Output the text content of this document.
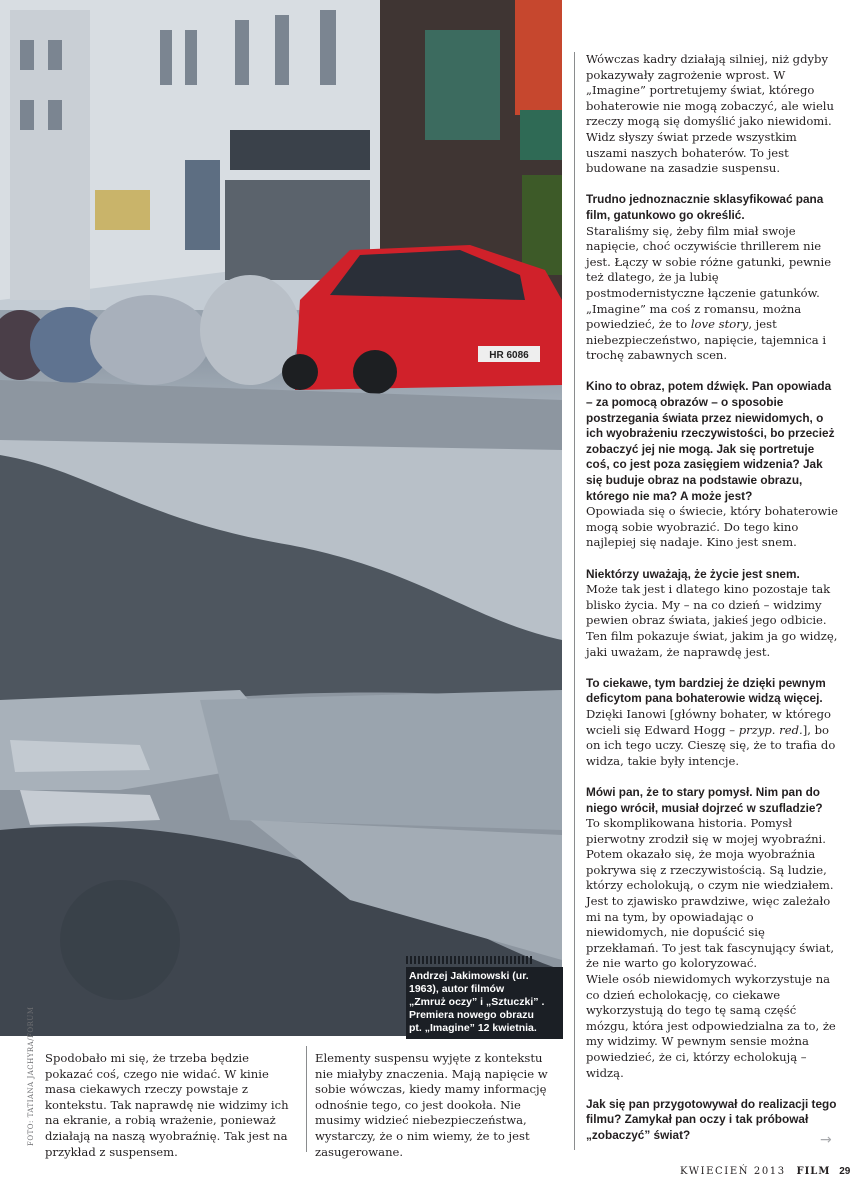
HR 6086
Andrzej Jakimowski (ur.
1963), autor filmów
„Zmruż oczy” i „Sztuczki” .
Premiera nowego obrazu
pt. „Imagine” 12 kwietnia.
FOTO: TATIANA JACHYRA/FORUM Spodobało mi się, że trzeba będzie pokazać coś, czego nie widać. W kinie masa ciekawych rzeczy powstaje z kontekstu. Tak naprawdę nie widzimy ich na ekranie, a robią wrażenie, ponieważ działają na naszą wyobraźnię. Tak jest na przykład z suspensem.

Elementy suspensu wyjęte z kontekstu nie miałyby znaczenia. Mają napięcie w sobie wówczas, kiedy mamy informację odnośnie tego, co jest dookoła. Nie musimy widzieć niebezpieczeństwa, wystarczy, że o nim wiemy, że to jest zasugerowane.

Wówczas kadry działają silniej, niż gdyby pokazywały zagrożenie wprost. W „Imagine” portretujemy świat, którego bohaterowie nie mogą zobaczyć, ale wielu rzeczy mogą się domyślić jako niewidomi. Widz słyszy świat przede wszystkim uszami naszych bohaterów. To jest budowane na zasadzie suspensu.

Trudno jednoznacznie sklasyfikować pana film, gatunkowo go określić.

Staraliśmy się, żeby film miał swoje napięcie, choć oczywiście thrillerem nie jest. Łączy w sobie różne gatunki, pewnie też dlatego, że ja lubię postmodernistyczne łączenie gatunków. „Imagine” ma coś z romansu, można powiedzieć, że to love story, jest niebezpieczeństwo, napięcie, tajemnica i trochę zabawnych scen.

Kino to obraz, potem dźwięk. Pan opowiada – za pomocą obrazów – o sposobie postrzegania świata przez niewidomych, o ich wyobrażeniu rzeczywistości, bo przecież zobaczyć jej nie mogą. Jak się portretuje coś, co jest poza zasięgiem widzenia? Jak się buduje obraz na podstawie obrazu, którego nie ma? A może jest?

Opowiada się o świecie, który bohaterowie mogą sobie wyobrazić. Do tego kino najlepiej się nadaje. Kino jest snem.

Niektórzy uważają, że życie jest snem.

Może tak jest i dlatego kino pozostaje tak blisko życia. My – na co dzień – widzimy pewien obraz świata, jakieś jego odbicie. Ten film pokazuje świat, jakim ja go widzę, jaki uważam, że naprawdę jest.

To ciekawe, tym bardziej że dzięki pewnym deficytom pana bohaterowie widzą więcej.

Dzięki Ianowi [główny bohater, w którego wcieli się Edward Hogg – przyp. red.], bo on ich tego uczy. Cieszę się, że to trafia do widza, takie były intencje.

Mówi pan, że to stary pomysł. Nim pan do niego wrócił, musiał dojrzeć w szufladzie?

To skomplikowana historia. Pomysł pierwotny zrodził się w mojej wyobraźni. Potem okazało się, że moja wyobraźnia pokrywa się z rzeczywistością. Są ludzie, którzy echolokują, o czym nie wiedziałem. Jest to zjawisko prawdziwe, więc zależało mi na tym, by opowiadając o niewidomych, nie dopuścić się przekłamań. To jest tak fascynujący świat, że nie warto go koloryzować.

Wiele osób niewidomych wykorzystuje na co dzień echolokację, co ciekawe wykorzystują do tego tę samą część mózgu, która jest odpowiedzialna za to, że my widzimy. W pewnym sensie można powiedzieć, że ci, którzy echolokują – widzą.

Jak się pan przygotowywał do realizacji tego filmu? Zamykał pan oczy i tak próbował „zobaczyć” świat?	→
KWIECIEŃ 2013 FILM 29
